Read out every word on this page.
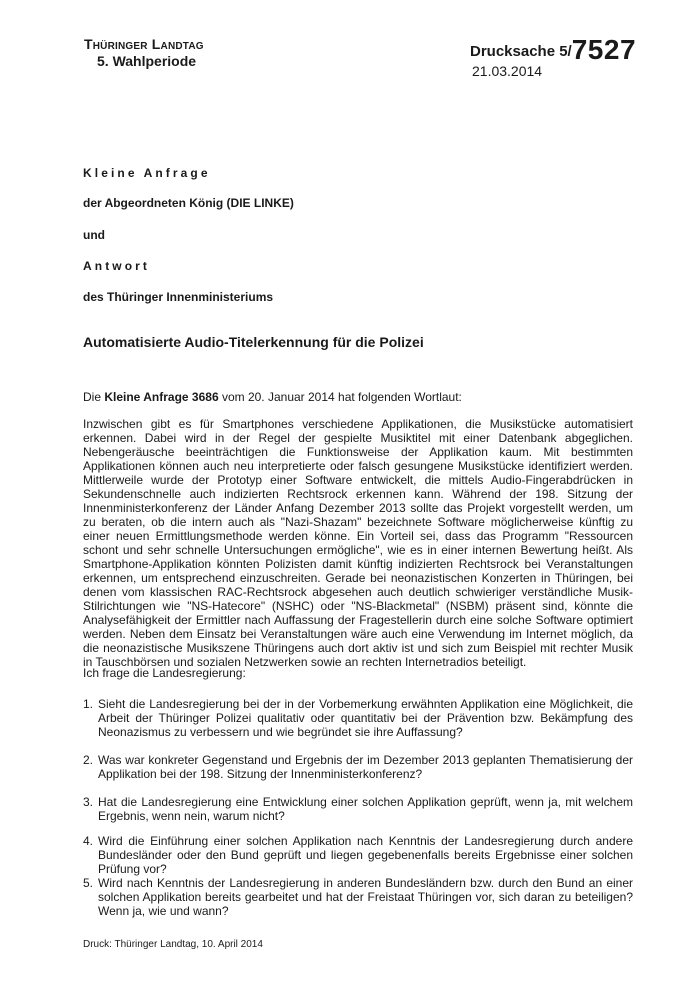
Thüringer Landtag
5. Wahlperiode
Drucksache 5/7527
21.03.2014
Kleine Anfrage
der Abgeordneten König (DIE LINKE)
und
Antwort
des Thüringer Innenministeriums
Automatisierte Audio-Titelerkennung für die Polizei
Die Kleine Anfrage 3686 vom 20. Januar 2014 hat folgenden Wortlaut:
Inzwischen gibt es für Smartphones verschiedene Applikationen, die Musikstücke automatisiert erkennen. Dabei wird in der Regel der gespielte Musiktitel mit einer Datenbank abgeglichen. Nebengeräusche beeinträchtigen die Funktionsweise der Applikation kaum. Mit bestimmten Applikationen können auch neu interpretierte oder falsch gesungene Musikstücke identifiziert werden. Mittlerweile wurde der Prototyp einer Software entwickelt, die mittels Audio-Fingerabdrücken in Sekundenschnelle auch indizierten Rechtsrock erkennen kann. Während der 198. Sitzung der Innenministerkonferenz der Länder Anfang Dezember 2013 sollte das Projekt vorgestellt werden, um zu beraten, ob die intern auch als "Nazi-Shazam" bezeichnete Software möglicherweise künftig zu einer neuen Ermittlungsmethode werden könne. Ein Vorteil sei, dass das Programm "Ressourcen schont und sehr schnelle Untersuchungen ermögliche", wie es in einer internen Bewertung heißt. Als Smartphone-Applikation könnten Polizisten damit künftig indizierten Rechtsrock bei Veranstaltungen erkennen, um entsprechend einzuschreiten. Gerade bei neonazistischen Konzerten in Thüringen, bei denen vom klassischen RAC-Rechtsrock abgesehen auch deutlich schwieriger verständliche Musik-Stilrichtungen wie "NS-Hatecore" (NSHC) oder "NS-Blackmetal" (NSBM) präsent sind, könnte die Analysefähigkeit der Ermittler nach Auffassung der Fragestellerin durch eine solche Software optimiert werden. Neben dem Einsatz bei Veranstaltungen wäre auch eine Verwendung im Internet möglich, da die neonazistische Musikszene Thüringens auch dort aktiv ist und sich zum Beispiel mit rechter Musik in Tauschbörsen und sozialen Netzwerken sowie an rechten Internetradios beteiligt.
Ich frage die Landesregierung:
1. Sieht die Landesregierung bei der in der Vorbemerkung erwähnten Applikation eine Möglichkeit, die Arbeit der Thüringer Polizei qualitativ oder quantitativ bei der Prävention bzw. Bekämpfung des Neonazismus zu verbessern und wie begründet sie ihre Auffassung?
2. Was war konkreter Gegenstand und Ergebnis der im Dezember 2013 geplanten Thematisierung der Applikation bei der 198. Sitzung der Innenministerkonferenz?
3. Hat die Landesregierung eine Entwicklung einer solchen Applikation geprüft, wenn ja, mit welchem Ergebnis, wenn nein, warum nicht?
4. Wird die Einführung einer solchen Applikation nach Kenntnis der Landesregierung durch andere Bundesländer oder den Bund geprüft und liegen gegebenenfalls bereits Ergebnisse einer solchen Prüfung vor?
5. Wird nach Kenntnis der Landesregierung in anderen Bundesländern bzw. durch den Bund an einer solchen Applikation bereits gearbeitet und hat der Freistaat Thüringen vor, sich daran zu beteiligen? Wenn ja, wie und wann?
Druck: Thüringer Landtag, 10. April 2014
